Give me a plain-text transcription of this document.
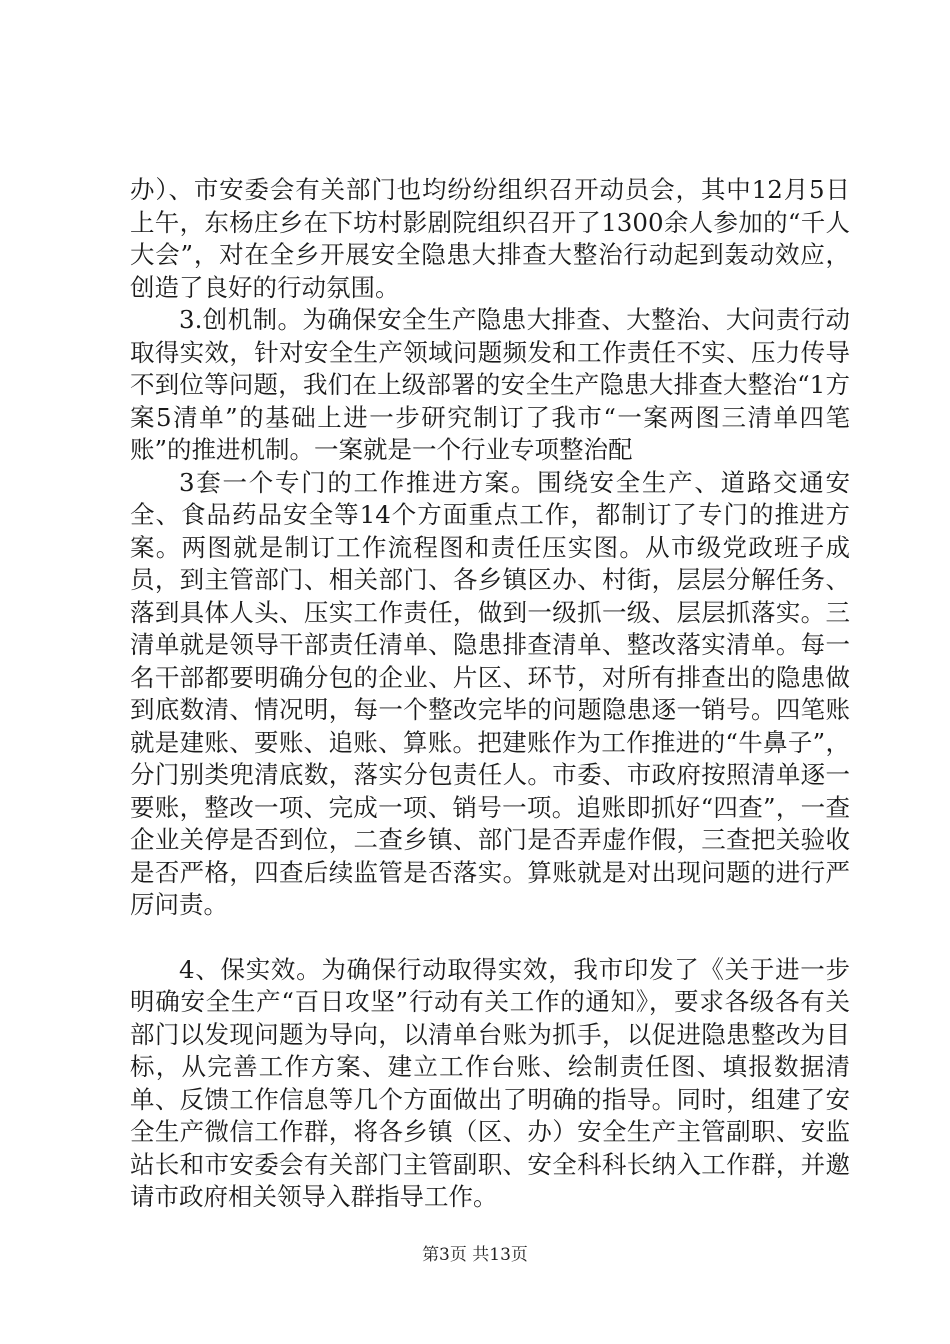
办）、市安委会有关部门也均纷纷组织召开动员会，其中12月5日上午，东杨庄乡在下坊村影剧院组织召开了1300余人参加的“千人大会”，对在全乡开展安全隐患大排查大整治行动起到轰动效应，创造了良好的行动氛围。

3.创机制。为确保安全生产隐患大排查、大整治、大问责行动取得实效，针对安全生产领域问题频发和工作责任不实、压力传导不到位等问题，我们在上级部署的安全生产隐患大排查大整治“1方案5清单”的基础上进一步研究制订了我市“一案两图三清单四笔账”的推进机制。一案就是一个行业专项整治配

3套一个专门的工作推进方案。围绕安全生产、道路交通安全、食品药品安全等14个方面重点工作，都制订了专门的推进方案。两图就是制订工作流程图和责任压实图。从市级党政班子成员，到主管部门、相关部门、各乡镇区办、村街，层层分解任务、落到具体人头、压实工作责任，做到一级抓一级、层层抓落实。三清单就是领导干部责任清单、隐患排查清单、整改落实清单。每一名干部都要明确分包的企业、片区、环节，对所有排查出的隐患做到底数清、情况明，每一个整改完毕的问题隐患逐一销号。四笔账就是建账、要账、追账、算账。把建账作为工作推进的“牛鼻子”，分门别类兜清底数，落实分包责任人。市委、市政府按照清单逐一要账，整改一项、完成一项、销号一项。追账即抓好“四查”，一查企业关停是否到位，二查乡镇、部门是否弄虚作假，三查把关验收是否严格，四查后续监管是否落实。算账就是对出现问题的进行严厉问责。

4、保实效。为确保行动取得实效，我市印发了《关于进一步明确安全生产“百日攻坚”行动有关工作的通知》，要求各级各有关部门以发现问题为导向，以清单台账为抓手，以促进隐患整改为目标，从完善工作方案、建立工作台账、绘制责任图、填报数据清单、反馈工作信息等几个方面做出了明确的指导。同时，组建了安全生产微信工作群，将各乡镇（区、办）安全生产主管副职、安监站长和市安委会有关部门主管副职、安全科科长纳入工作群，并邀请市政府相关领导入群指导工作。

第3页 共13页
